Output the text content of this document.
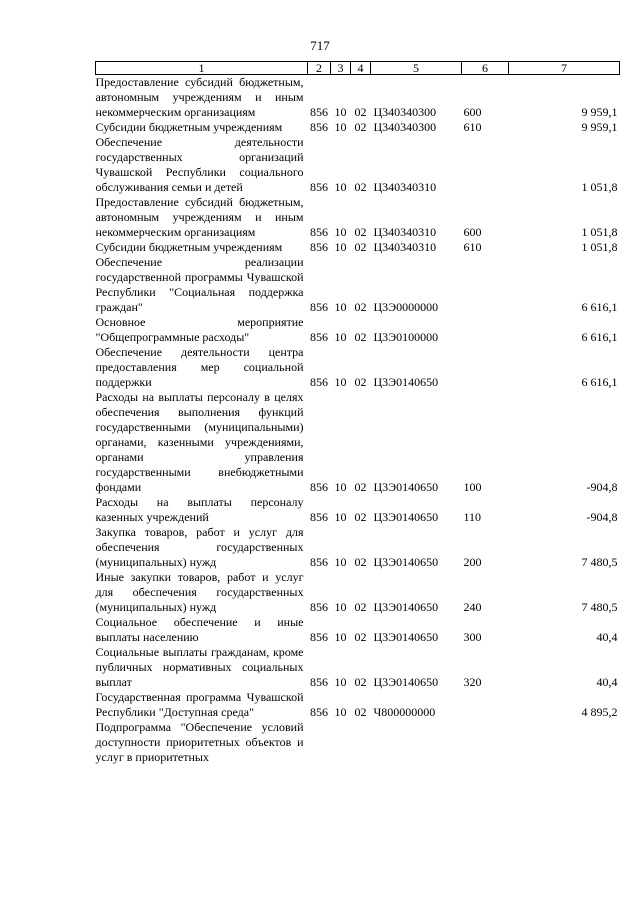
717
1	2	3	4	5	6	7
Предоставление субсидий бюджетным, автономным учреждениям и иным некоммерческим организациям	856	10	02	Ц340340300	600	9 959,1
Субсидии бюджетным учреждениям	856	10	02	Ц340340300	610	9 959,1
Обеспечение деятельности государственных организаций Чувашской Республики социального обслуживания семьи и детей	856	10	02	Ц340340310		1 051,8
Предоставление субсидий бюджетным, автономным учреждениям и иным некоммерческим организациям	856	10	02	Ц340340310	600	1 051,8
Субсидии бюджетным учреждениям	856	10	02	Ц340340310	610	1 051,8
Обеспечение реализации государственной программы Чувашской Республики "Социальная поддержка граждан"	856	10	02	Ц3Э0000000		6 616,1
Основное мероприятие "Общепрограммные расходы"	856	10	02	Ц3Э0100000		6 616,1
Обеспечение деятельности центра предоставления мер социальной поддержки	856	10	02	Ц3Э0140650		6 616,1
Расходы на выплаты персоналу в целях обеспечения выполнения функций государственными (муниципальными) органами, казенными учреждениями, органами управления государственными внебюджетными фондами	856	10	02	Ц3Э0140650	100	-904,8
Расходы на выплаты персоналу казенных учреждений	856	10	02	Ц3Э0140650	110	-904,8
Закупка товаров, работ и услуг для обеспечения государственных (муниципальных) нужд	856	10	02	Ц3Э0140650	200	7 480,5
Иные закупки товаров, работ и услуг для обеспечения государственных (муниципальных) нужд	856	10	02	Ц3Э0140650	240	7 480,5
Социальное обеспечение и иные выплаты населению	856	10	02	Ц3Э0140650	300	40,4
Социальные выплаты гражданам, кроме публичных нормативных социальных выплат	856	10	02	Ц3Э0140650	320	40,4
Государственная программа Чувашской Республики "Доступная среда"	856	10	02	Ч800000000		4 895,2
Подпрограмма "Обеспечение условий доступности приоритетных объектов и услуг в приоритетных						
